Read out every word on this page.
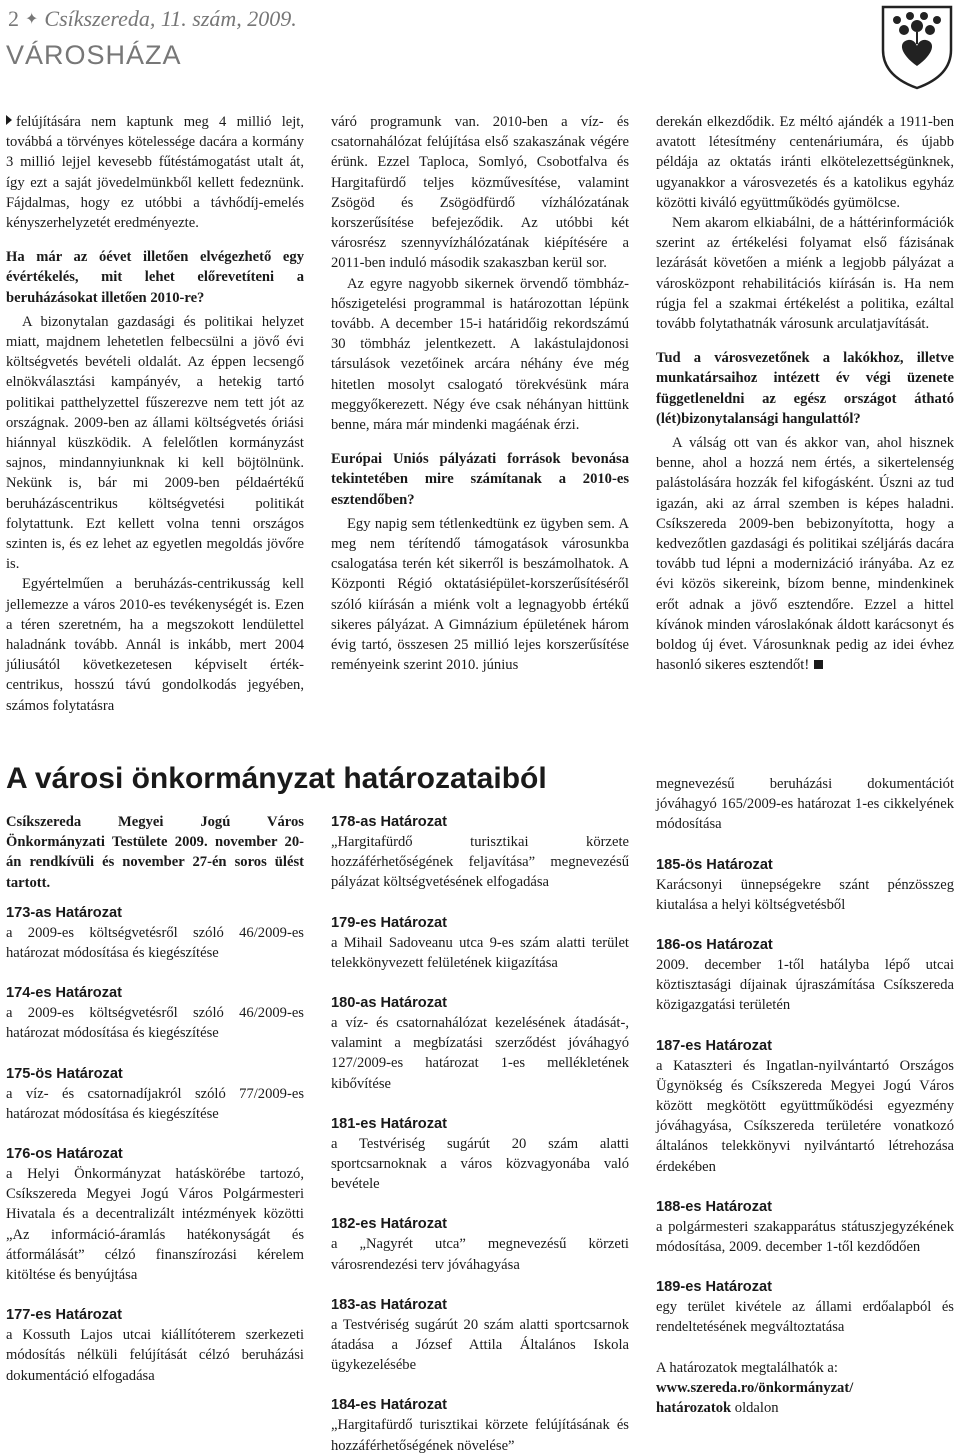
2 ✦ Csíkszereda, 11. szám, 2009.
VÁROSHÁZA

felújítására nem kaptunk meg 4 millió lejt, továbbá a törvényes kötelessége dacára a kormány 3 millió lejjel kevesebb fűtéstámogatást utalt át, így ezt a saját jövedelmünkből kellett fedeznünk. Fájdalmas, hogy ez utóbbi a távhődíj-emelés kényszerhelyzetét eredményezte.

Ha már az óévet illetően elvégezhető egy évértékelés, mit lehet előrevetíteni a beruházásokat illetően 2010-re?

A bizonytalan gazdasági és politikai helyzet miatt, majdnem lehetetlen felbecsülni a jövő évi költségvetés bevételi oldalát. Az éppen lecsengő elnökválasztási kampányév, a hetekig tartó politikai patthelyzettel fűszerezve nem tett jót az országnak. 2009-ben az állami költségvetés óriási hiánnyal küszködik. A felelőtlen kormányzást sajnos, mindannyiunknak ki kell böjtölnünk. Nekünk is, bár mi 2009-ben példaértékű beruházáscentrikus költségvetési politikát folytattunk. Ezt kellett volna tenni országos szinten is, és ez lehet az egyetlen megoldás jövőre is.

Egyértelműen a beruházás-centrikusság kell jellemezze a város 2010-es tevékenységét is. Ezen a téren szeretném, ha a megszokott lendülettel haladnánk tovább. Annál is inkább, mert 2004 júliusától következetesen képviselt érték-centrikus, hosszú távú gondolkodás jegyében, számos folytatásra

váró programunk van. 2010-ben a víz- és csatornahálózat felújítása első szakaszának végére érünk. Ezzel Taploca, Somlyó, Csobotfalva és Hargitafürdő teljes közművesítése, valamint Zsögöd és Zsögödfürdő vízhálózatának korszerűsítése befejeződik. Az utóbbi két városrész szennyvízhálózatának kiépítésére a 2011-ben induló második szakaszban kerül sor.

Az egyre nagyobb sikernek örvendő tömbház-hőszigetelési programmal is határozottan lépünk tovább. A december 15-i határidőig rekordszámú 30 tömbház jelentkezett. A lakástulajdonosi társulások vezetőinek arcára néhány éve még hitetlen mosolyt csalogató törekvésünk mára meggyőkerezett. Négy éve csak néhányan hittünk benne, mára már mindenki magáénak érzi.

Európai Uniós pályázati források bevonása tekintetében mire számítanak a 2010-es esztendőben?

Egy napig sem tétlenkedtünk ez ügyben sem. A meg nem térítendő támogatások városunkba csalogatása terén két sikerről is beszámolhatok. A Központi Régió oktatásiépület-korszerűsítéséről szóló kiírásán a miénk volt a legnagyobb értékű sikeres pályázat. A Gimnázium épületének három évig tartó, összesen 25 millió lejes korszerűsítése reményeink szerint 2010. június

derekán elkezdődik. Ez méltó ajándék a 1911-ben avatott létesítmény centenáriumára, és újabb példája az oktatás iránti elkötelezettségünknek, ugyanakkor a városvezetés és a katolikus egyház közötti kiváló együttműködés gyümölcse.

Nem akarom elkiabálni, de a háttérinformációk szerint az értékelési folyamat első fázisának lezárását követően a miénk a legjobb pályázat a városközpont rehabilitációs kiírásán is. Ha nem rúgja fel a szakmai értékelést a politika, ezáltal tovább folytathatnák városunk arculatjavítását.

Tud a városvezetőnek a lakókhoz, illetve munkatársaihoz intézett év végi üzenete függetleneldni az egész országot átható (lét)bizonytalansági hangulattól?

A válság ott van és akkor van, ahol hisznek benne, ahol a hozzá nem értés, a sikertelenség palástolására hozzák fel kifogásként. Úszni az tud igazán, aki az árral szemben is képes haladni. Csíkszereda 2009-ben bebizonyította, hogy a kedvezőtlen gazdasági és politikai széljárás dacára tovább tud lépni a modernizáció irányába. Az ez évi közös sikereink, bízom benne, mindenkinek erőt adnak a jövő esztendőre. Ezzel a hittel kívánok minden városlakónak áldott karácsonyt és boldog új évet. Városunknak pedig az idei évhez hasonló sikeres esztendőt!

A városi önkormányzat határozataiból

Csíkszereda Megyei Jogú Város Önkormányzati Testülete 2009. november 20-án rendkívüli és november 27-én soros ülést tartott.

173-as Határozat
a 2009-es költségvetésről szóló 46/2009-es határozat módosítása és kiegészítése
174-es Határozat
a 2009-es költségvetésről szóló 46/2009-es határozat módosítása és kiegészítése
175-ös Határozat
a víz- és csatornadíjakról szóló 77/2009-es határozat módosítása és kiegészítése
176-os Határozat
a Helyi Önkormányzat hatáskörébe tartozó, Csíkszereda Megyei Jogú Város Polgármesteri Hivatala és a decentralizált intézmények közötti „Az információ-áramlás hatékonyságát és átformálását” célzó finanszírozási kérelem kitöltése és benyújtása
177-es Határozat
a Kossuth Lajos utcai kiállítóterem szerkezeti módosítás nélküli felújítását célzó beruházási dokumentáció elfogadása
178-as Határozat
„Hargitafürdő turisztikai körzete hozzáférhetőségének feljavítása” megnevezésű pályázat költségvetésének elfogadása
179-es Határozat
a Mihail Sadoveanu utca 9-es szám alatti terület telekkönyvezett felületének kiigazítása
180-as Határozat
a víz- és csatornahálózat kezelésének átadását-, valamint a megbízatási szerződést jóváhagyó 127/2009-es határozat 1-es mellékletének kibővítése
181-es Határozat
a Testvériség sugárút 20 szám alatti sportcsarnoknak a város közvagyonába való bevétele
182-es Határozat
a „Nagyrét utca” megnevezésű körzeti városrendezési terv jóváhagyása
183-as Határozat
a Testvériség sugárút 20 szám alatti sportcsarnok átadása a József Attila Általános Iskola ügykezelésébe
184-es Határozat
„Hargitafürdő turisztikai körzete felújításának és hozzáférhetőségének növelése”
megnevezésű beruházási dokumentációt jóváhagyó 165/2009-es határozat 1-es cikkelyének módosítása
185-ös Határozat
Karácsonyi ünnepségekre szánt pénzösszeg kiutalása a helyi költségvetésből
186-os Határozat
2009. december 1-től hatályba lépő utcai köztisztasági díjainak újraszámítása Csíkszereda közigazgatási területén
187-es Határozat
a Kataszteri és Ingatlan-nyilvántartó Országos Ügynökség és Csíkszereda Megyei Jogú Város között megkötött együttműködési egyezmény jóváhagyása, Csíkszereda területére vonatkozó általános telekkönyvi nyilvántartó létrehozása érdekében
188-es Határozat
a polgármesteri szakapparátus státuszjegyzékének módosítása, 2009. december 1-től kezdődően
189-es Határozat
egy terület kivétele az állami erdőalapból és rendeltetésének megváltoztatása
A határozatok megtalálhatók a:
www.szereda.ro/önkormányzat/
határozatok oldalon
